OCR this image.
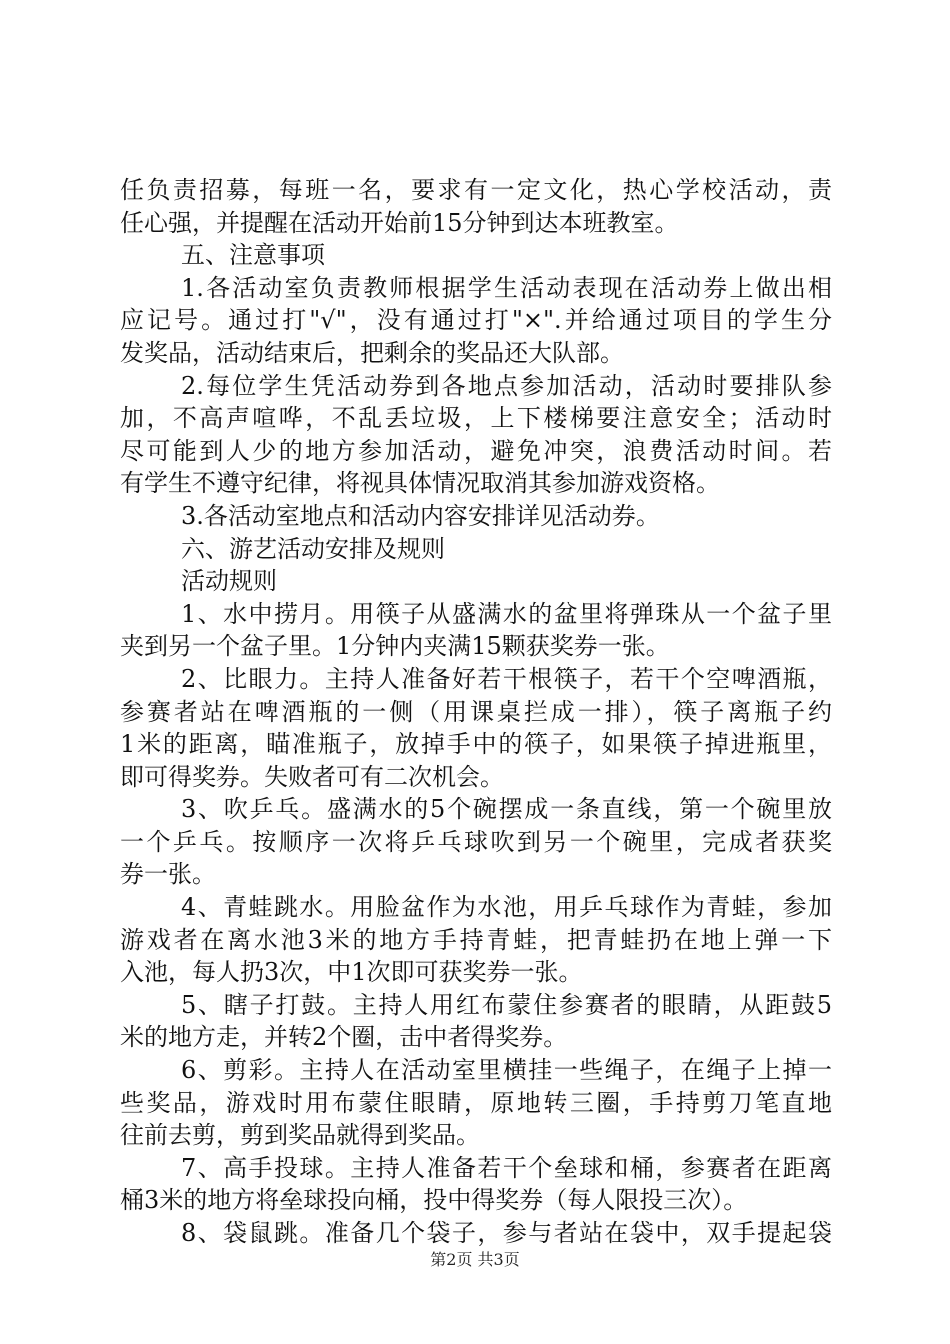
任负责招募，每班一名，要求有一定文化，热心学校活动，责
任心强，并提醒在活动开始前15分钟到达本班教室。
五、注意事项
1.各活动室负责教师根据学生活动表现在活动券上做出相
应记号。通过打"√"，没有通过打"×".并给通过项目的学生分
发奖品，活动结束后，把剩余的奖品还大队部。
2.每位学生凭活动券到各地点参加活动，活动时要排队参
加，不高声喧哗，不乱丢垃圾，上下楼梯要注意安全；活动时
尽可能到人少的地方参加活动，避免冲突，浪费活动时间。若
有学生不遵守纪律，将视具体情况取消其参加游戏资格。
3.各活动室地点和活动内容安排详见活动券。
六、游艺活动安排及规则
活动规则
1、水中捞月。用筷子从盛满水的盆里将弹珠从一个盆子里
夹到另一个盆子里。1分钟内夹满15颗获奖券一张。
2、比眼力。主持人准备好若干根筷子，若干个空啤酒瓶，
参赛者站在啤酒瓶的一侧（用课桌拦成一排），筷子离瓶子约
1米的距离，瞄准瓶子，放掉手中的筷子，如果筷子掉进瓶里，
即可得奖券。失败者可有二次机会。
3、吹乒乓。盛满水的5个碗摆成一条直线，第一个碗里放
一个乒乓。按顺序一次将乒乓球吹到另一个碗里，完成者获奖
券一张。
4、青蛙跳水。用脸盆作为水池，用乒乓球作为青蛙，参加
游戏者在离水池3米的地方手持青蛙，把青蛙扔在地上弹一下
入池，每人扔3次，中1次即可获奖券一张。
5、瞎子打鼓。主持人用红布蒙住参赛者的眼睛，从距鼓5
米的地方走，并转2个圈，击中者得奖券。
6、剪彩。主持人在活动室里横挂一些绳子，在绳子上掉一
些奖品，游戏时用布蒙住眼睛，原地转三圈，手持剪刀笔直地
往前去剪，剪到奖品就得到奖品。
7、高手投球。主持人准备若干个垒球和桶，参赛者在距离
桶3米的地方将垒球投向桶，投中得奖券（每人限投三次）。
8、袋鼠跳。准备几个袋子，参与者站在袋中，双手提起袋
第2页 共3页
